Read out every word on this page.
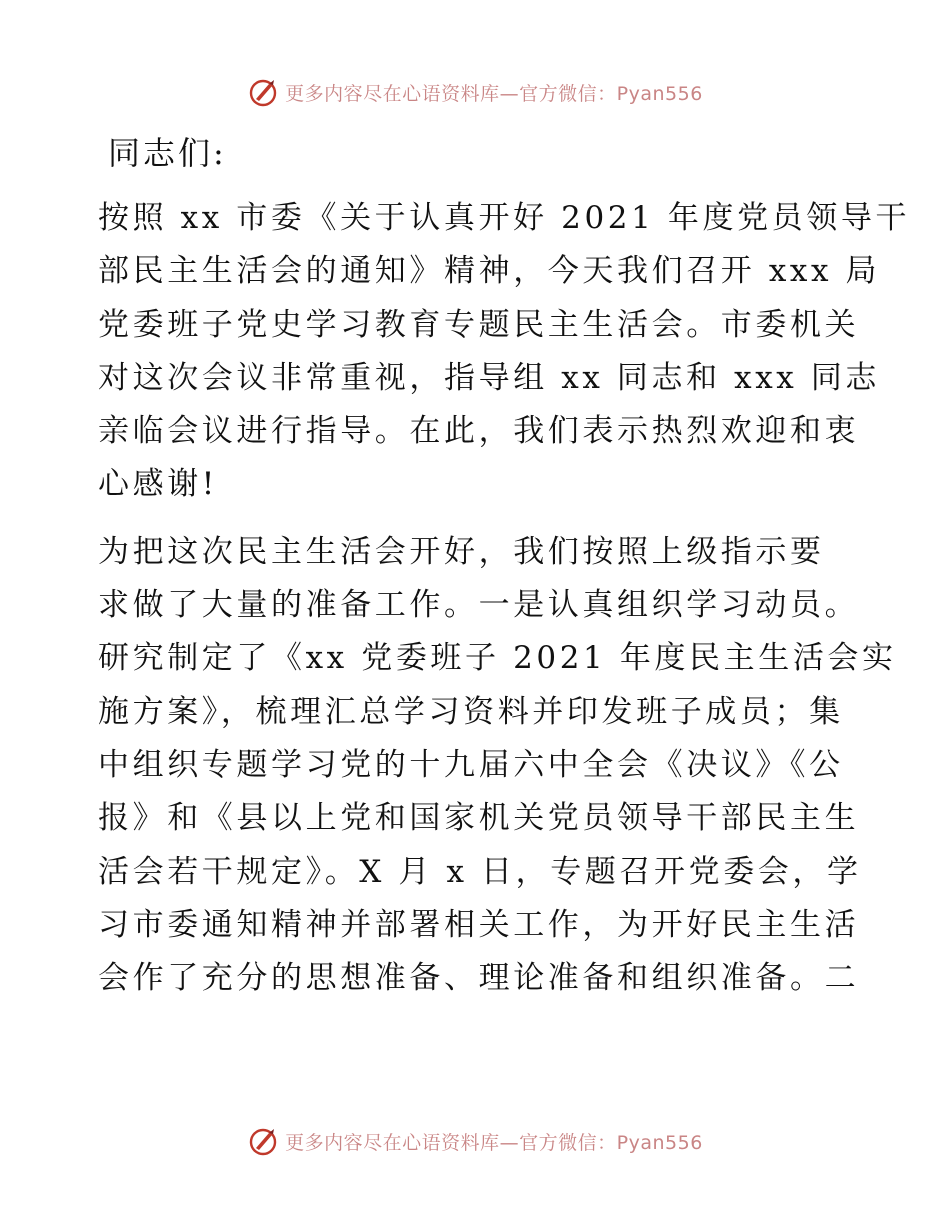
更多内容尽在心语资料库—官方微信：Pyan556
同志们:
按照 xx 市委《关于认真开好 2021 年度党员领导干
部民主生活会的通知》精神，今天我们召开 xxx 局
党委班子党史学习教育专题民主生活会。市委机关
对这次会议非常重视，指导组 xx 同志和 xxx 同志
亲临会议进行指导。在此，我们表示热烈欢迎和衷
心感谢!
为把这次民主生活会开好，我们按照上级指示要
求做了大量的准备工作。一是认真组织学习动员。
研究制定了《xx 党委班子 2021 年度民主生活会实
施方案》，梳理汇总学习资料并印发班子成员；集
中组织专题学习党的十九届六中全会《决议》《公
报》和《县以上党和国家机关党员领导干部民主生
活会若干规定》。X 月 x 日，专题召开党委会，学
习市委通知精神并部署相关工作，为开好民主生活
会作了充分的思想准备、理论准备和组织准备。二
更多内容尽在心语资料库—官方微信：Pyan556
